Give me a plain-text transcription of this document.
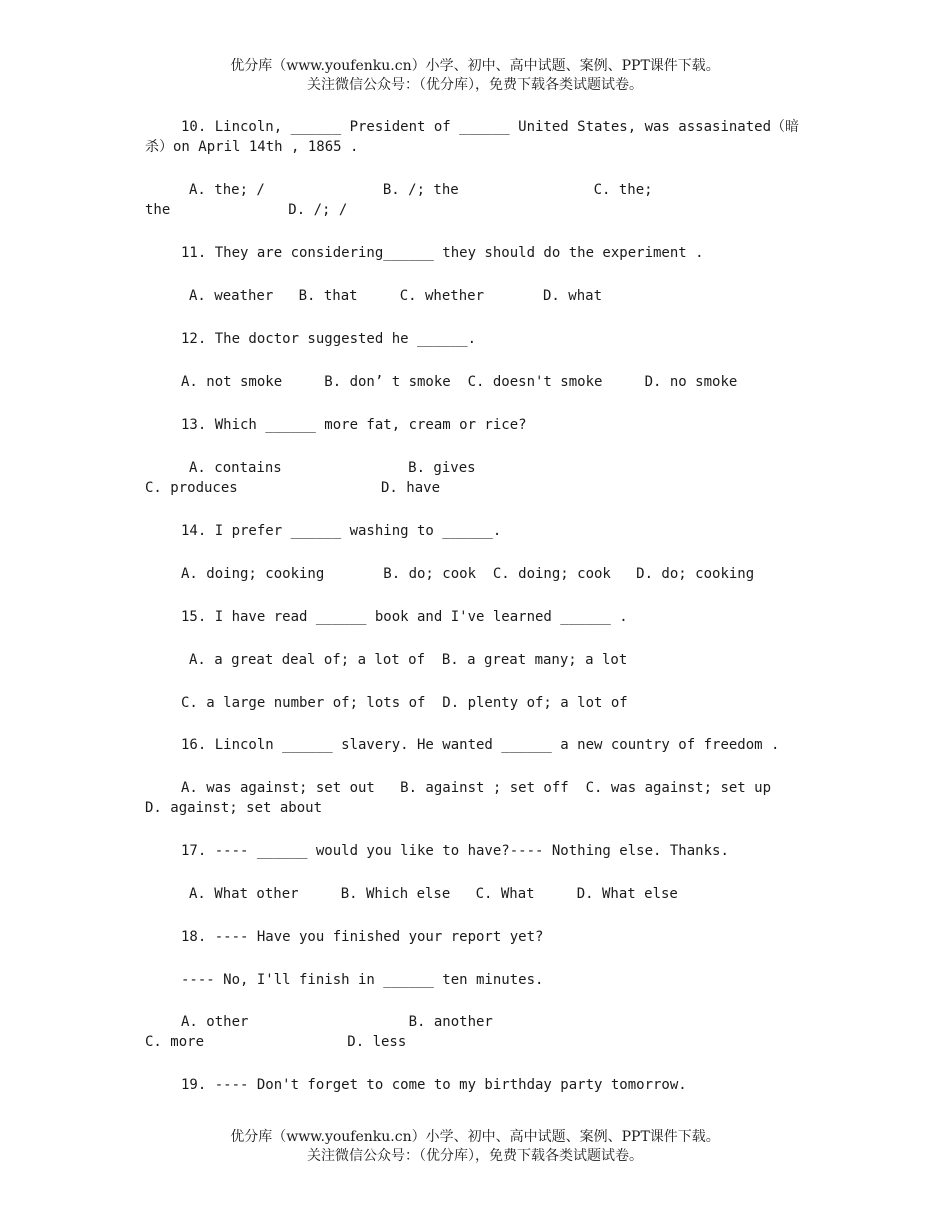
优分库（www.youfenku.cn）小学、初中、高中试题、案例、PPT课件下载。
关注微信公众号：（优分库），免费下载各类试题试卷。
10. Lincoln, ______ President of ______ United States, was assasinated（暗
杀）on April 14th , 1865 .
A. the; /              B. /; the                C. the;
the              D. /; /
11. They are considering______ they should do the experiment .
A. weather   B. that     C. whether       D. what
12. The doctor suggested he ______.
A. not smoke     B. don’ t smoke  C. doesn't smoke     D. no smoke
13. Which ______ more fat, cream or rice?
A. contains               B. gives
C. produces                 D. have
14. I prefer ______ washing to ______.
A. doing; cooking       B. do; cook  C. doing; cook   D. do; cooking
15. I have read ______ book and I've learned ______ .
A. a great deal of; a lot of  B. a great many; a lot
C. a large number of; lots of  D. plenty of; a lot of
16. Lincoln ______ slavery. He wanted ______ a new country of freedom .
A. was against; set out   B. against ; set off  C. was against; set up
D. against; set about
17. ---- ______ would you like to have?---- Nothing else. Thanks.
A. What other     B. Which else   C. What     D. What else
18. ---- Have you finished your report yet?
---- No, I'll finish in ______ ten minutes.
A. other                   B. another
C. more                 D. less
19. ---- Don't forget to come to my birthday party tomorrow.
优分库（www.youfenku.cn）小学、初中、高中试题、案例、PPT课件下载。
关注微信公众号：（优分库），免费下载各类试题试卷。
